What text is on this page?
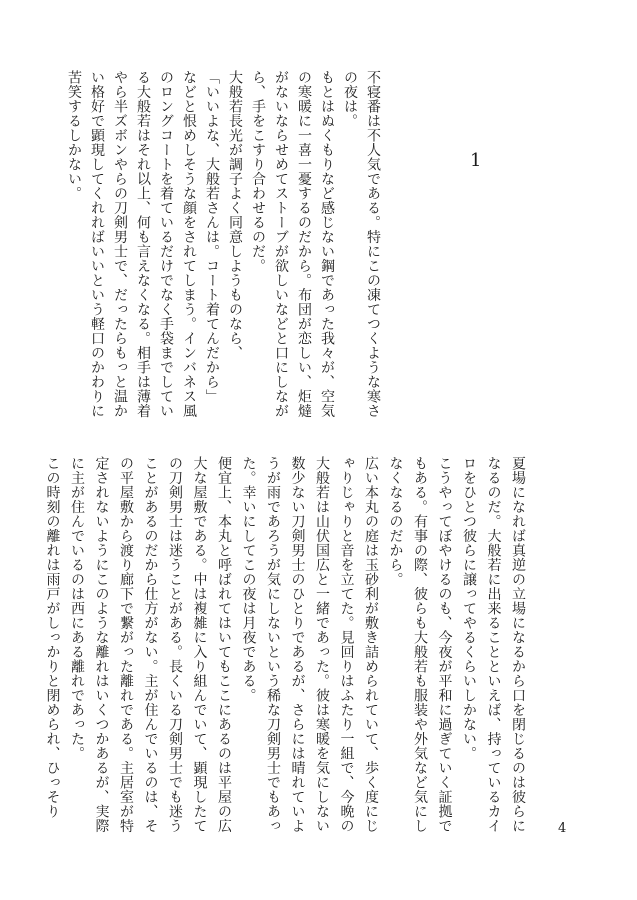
1

不寝番は不人気である。特にこの凍てつくような寒さの夜は。

もとはぬくもりなど感じない鋼であった我々が、空気の寒暖に一喜一憂するのだから。布団が恋しい、炬燵がないならせめてストーブが欲しいなどと口にしながら、手をこすり合わせるのだ。

大般若長光が調子よく同意しようものなら、

「いいよな、大般若さんは。コート着てんだから」

などと恨めしそうな顔をされてしまう。インバネス風のロングコートを着ているだけでなく手袋までしている大般若はそれ以上、何も言えなくなる。相手は薄着やら半ズボンやらの刀剣男士で、だったらもっと温かい格好で顕現してくれればいいという軽口のかわりに苦笑するしかない。

夏場になれば真逆の立場になるから口を閉じるのは彼らになるのだ。大般若に出来ることといえば、持っているカイロをひとつ彼らに譲ってやるくらいしかない。

こうやってぼやけるのも、今夜が平和に過ぎていく証拠でもある。有事の際、彼らも大般若も服装や外気など気にしなくなるのだから。

広い本丸の庭は玉砂利が敷き詰められていて、歩く度にじゃりじゃりと音を立てた。見回りはふたり一組で、今晩の大般若は山伏国広と一緒であった。彼は寒暖を気にしない数少ない刀剣男士のひとりであるが、さらには晴れていようが雨であろうが気にしないという稀な刀剣男士でもあった。幸いにしてこの夜は月夜である。

便宜上、本丸と呼ばれてはいてもここにあるのは平屋の広大な屋敷である。中は複雑に入り組んでいて、顕現したての刀剣男士は迷うことがある。長くいる刀剣男士でも迷うことがあるのだから仕方がない。主が住んでいるのは、その平屋敷から渡り廊下で繋がった離れである。主居室が特定されないようにこのような離れはいくつかあるが、実際に主が住んでいるのは西にある離れであった。

この時刻の離れは雨戸がしっかりと閉められ、ひっそり

4
